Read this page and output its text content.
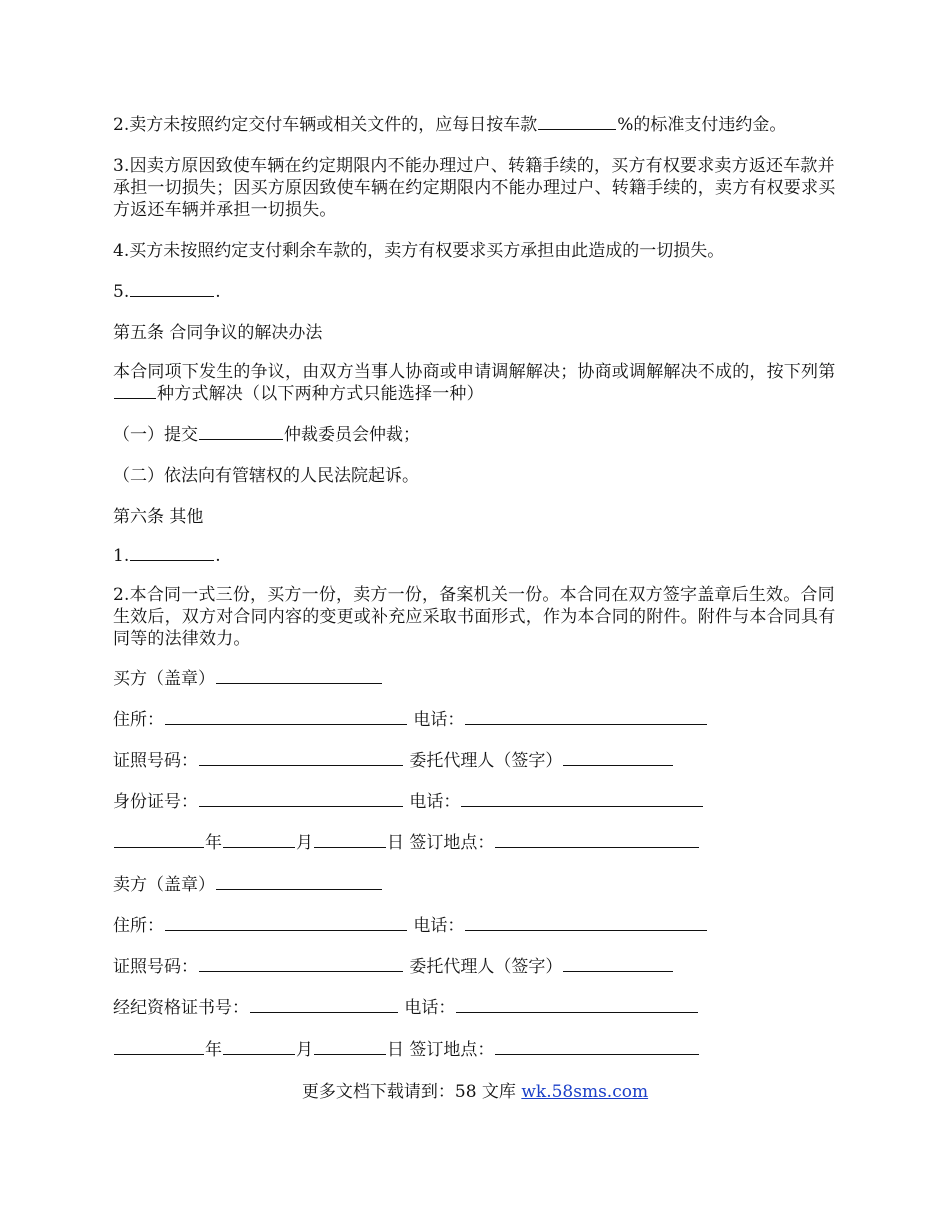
2.卖方未按照约定交付车辆或相关文件的，应每日按车款	%的标准支付违约金。

3.因卖方原因致使车辆在约定期限内不能办理过户、转籍手续的，买方有权要求卖方返还车款并承担一切损失；因买方原因致使车辆在约定期限内不能办理过户、转籍手续的，卖方有权要求买方返还车辆并承担一切损失。

4.买方未按照约定支付剩余车款的，卖方有权要求买方承担由此造成的一切损失。

5.	.

第五条 合同争议的解决办法

本合同项下发生的争议，由双方当事人协商或申请调解解决；协商或调解解决不成的，按下列第种方式解决（以下两种方式只能选择一种）

（一）提交	仲裁委员会仲裁；

（二）依法向有管辖权的人民法院起诉。

第六条 其他

1.	.

2.本合同一式三份，买方一份，卖方一份，备案机关一份。本合同在双方签字盖章后生效。合同生效后，双方对合同内容的变更或补充应采取书面形式，作为本合同的附件。附件与本合同具有同等的法律效力。

买方（盖章）

住所：	电话：

证照号码：	委托代理人（签字）

身份证号：	电话：

年	月	日 签订地点：

卖方（盖章）

住所：	电话：

证照号码：	委托代理人（签字）

经纪资格证书号：	电话：

年	月	日 签订地点：

更多文档下载请到：58 文库 wk.58sms.com
